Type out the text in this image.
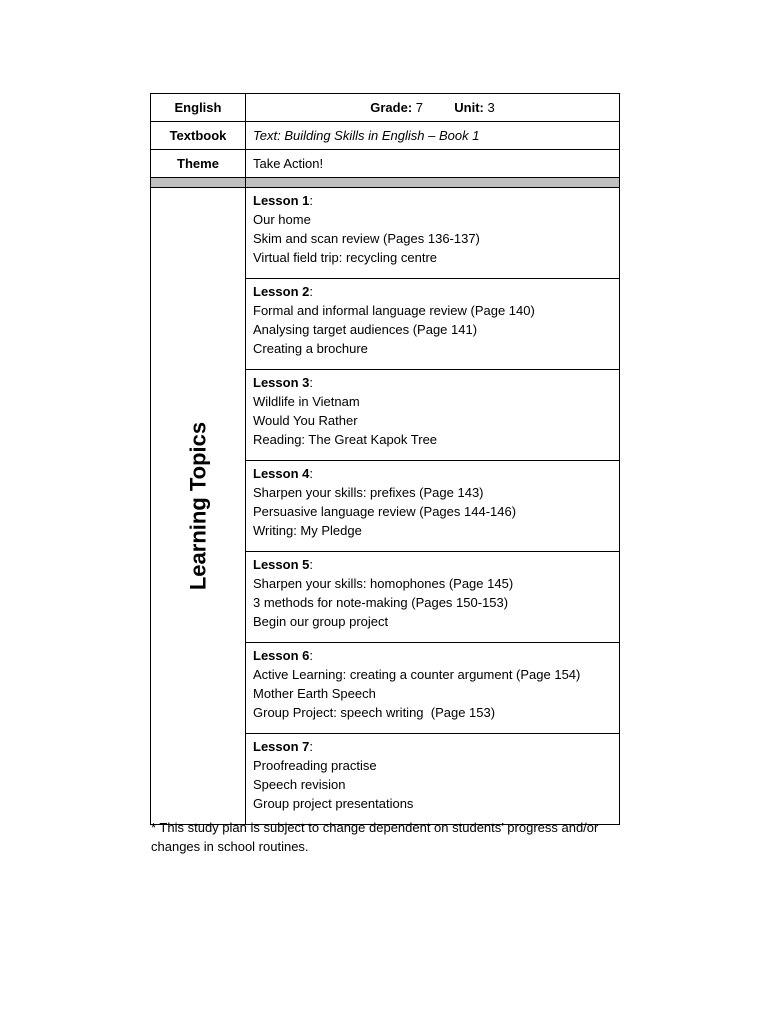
English	Grade: 7 Unit: 3
Textbook	Text: Building Skills in English – Book 1
Theme	Take Action!

Learning Topics	Lesson 1:
Our home
Skim and scan review (Pages 136-137)
Virtual field trip: recycling centre

	Lesson 2:
Formal and informal language review (Page 140)
Analysing target audiences (Page 141)
Creating a brochure

	Lesson 3:
Wildlife in Vietnam
Would You Rather
Reading: The Great Kapok Tree

	Lesson 4:
Sharpen your skills: prefixes (Page 143)
Persuasive language review (Pages 144-146)
Writing: My Pledge

	Lesson 5:
Sharpen your skills: homophones (Page 145)
3 methods for note-making (Pages 150-153)
Begin our group project

	Lesson 6:
Active Learning: creating a counter argument (Page 154)
Mother Earth Speech
Group Project: speech writing  (Page 153)

	Lesson 7:
Proofreading practise
Speech revision
Group project presentations
* This study plan is subject to change dependent on students’ progress and/or changes in school routines.
